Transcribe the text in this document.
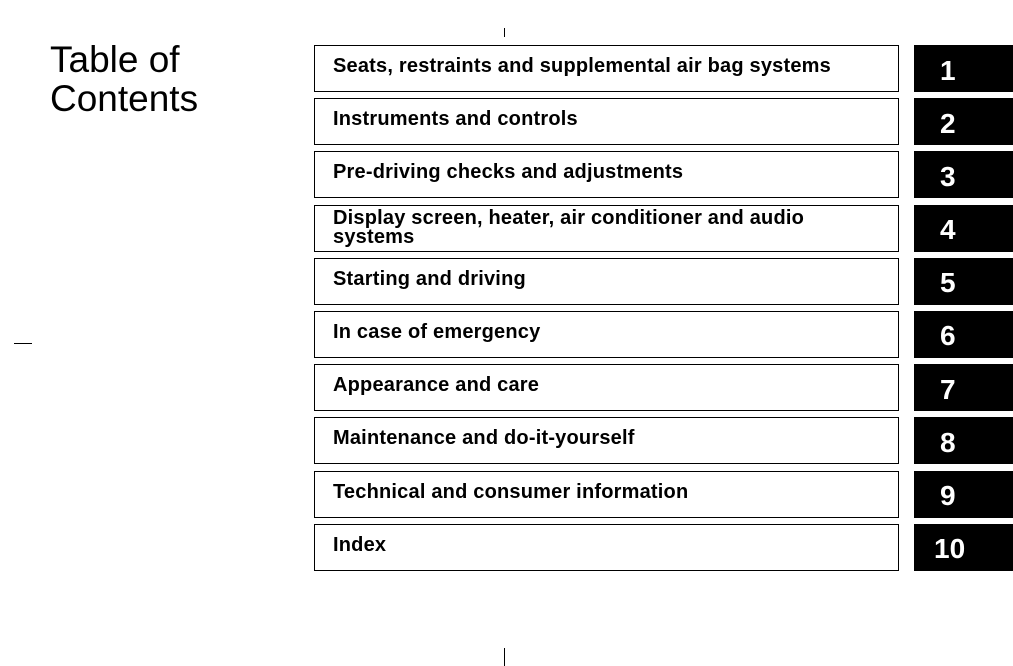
Table of
Contents
Seats, restraints and supplemental air bag systems	1
Instruments and controls	2
Pre-driving checks and adjustments	3
Display screen, heater, air conditioner and audio systems	4
Starting and driving	5
In case of emergency	6
Appearance and care	7
Maintenance and do-it-yourself	8
Technical and consumer information	9
Index	10
